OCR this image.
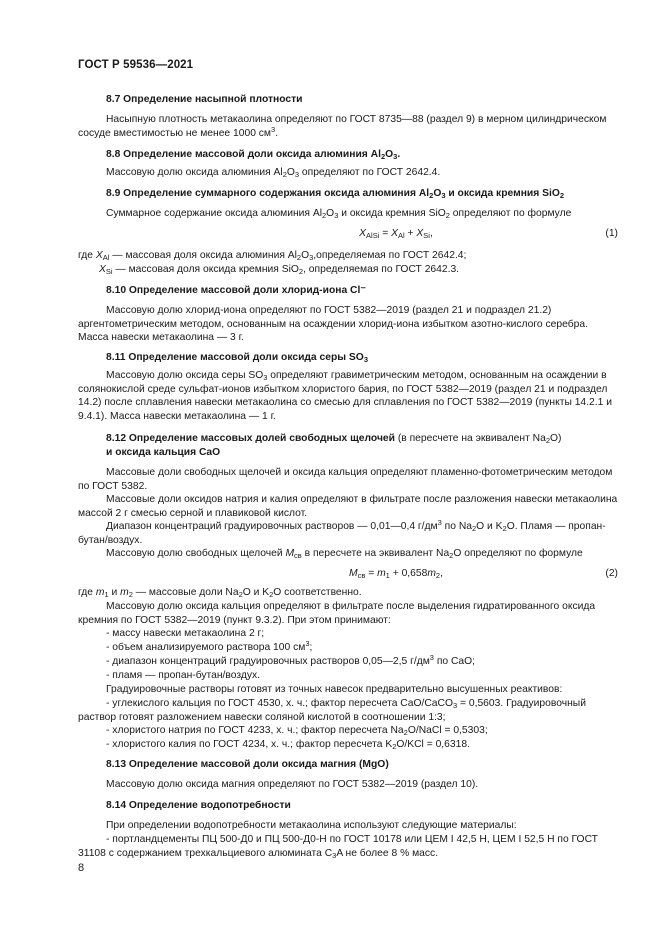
ГОСТ Р 59536—2021
8.7 Определение насыпной плотности
Насыпную плотность метакаолина определяют по ГОСТ 8735—88 (раздел 9) в мерном цилиндрическом сосуде вместимостью не менее 1000 $см^3$.
8.8 Определение массовой доли оксида алюминия $Al_2O_3$.
Массовую долю оксида алюминия $Al_2O_3$ определяют по ГОСТ 2642.4.
8.9 Определение суммарного содержания оксида алюминия $Al_2O_3$ и оксида кремния SiO$_2$
Суммарное содержание оксида алюминия $Al_2O_3$ и оксида кремния SiO$_2$ определяют по формуле
$X_{AlSi} = X_{Al} + X_{Si}$,	(1)
где $X_{Al}$ — массовая доля оксида алюминия $Al_2O_3,определяемая$ по ГОСТ 2642.4;
$X_{Si}$ — массовая доля оксида кремния SiO$_2$, определяемая по ГОСТ 2642.3.
8.10 Определение массовой доли хлорид-иона Cl⁻
Массовую долю хлорид-иона определяют по ГОСТ 5382—2019 (раздел 21 и подраздел 21.2) аргентометрическим методом, основанным на осаждении хлорид-иона избытком азотно-кислого серебра. Масса навески метакаолина — 3 г.
8.11 Определение массовой доли оксида серы $SO_3$
Массовую долю оксида серы $SO_3$ определяют гравиметрическим методом, основанным на осаждении в солянокислой среде сульфат-ионов избытком хлористого бария, по ГОСТ 5382—2019 (раздел 21 и подраздел 14.2) после сплавления навески метакаолина со смесью для сплавления по ГОСТ 5382—2019 (пункты 14.2.1 и 9.4.1). Масса навески метакаолина — 1 г.
8.12 Определение массовых долей свободных щелочей (в пересчете на эквивалент $Na_2O$)
и оксида кальция CaO
Массовые доли свободных щелочей и оксида кальция определяют пламенно-фотометрическим методом по ГОСТ 5382.
Массовые доли оксидов натрия и калия определяют в фильтрате после разложения навески метакаолина массой 2 г смесью серной и плавиковой кислот.
Диапазон концентраций градуировочных растворов — 0,01—0,4 $г/дм^3$ по $Na_2O$ и $K_2O$. Пламя — пропан-бутан/воздух.
Массовую долю свободных щелочей $M_{св}$ в пересчете на эквивалент $Na_2O$ определяют по формуле
$M_{св} = m_1 + 0,658m_2$,	(2)
где $m_1$ и $m_2$ — массовые доли $Na_2O$ и $K_2O$ соответственно.
Массовую долю оксида кальция определяют в фильтрате после выделения гидратированного оксида кремния по ГОСТ 5382—2019 (пункт 9.3.2). При этом принимают:
- массу навески метакаолина 2 г;
- объем анализируемого раствора 100 $см^3$;
- диапазон концентраций градуировочных растворов 0,05—2,5 $г/дм^3$ по CaO;
- пламя — пропан-бутан/воздух.
Градуировочные растворы готовят из точных навесок предварительно высушенных реактивов:
- углекислого кальция по ГОСТ 4530, х. ч.; фактор пересчета CaO/CaCO$_3$ = 0,5603. Градуировочный раствор готовят разложением навески соляной кислотой в соотношении 1:3;
- хлористого натрия по ГОСТ 4233, х. ч.; фактор пересчета $Na_2O$/NaCl = 0,5303;
- хлористого калия по ГОСТ 4234, х. ч.; фактор пересчета $K_2O$/KCl = 0,6318.
8.13 Определение массовой доли оксида магния (MgO)
Массовую долю оксида магния определяют по ГОСТ 5382—2019 (раздел 10).
8.14 Определение водопотребности
При определении водопотребности метакаолина используют следующие материалы:
- портландцементы ПЦ 500-Д0 и ПЦ 500-Д0-Н по ГОСТ 10178 или ЦЕМ I 42,5 Н, ЦЕМ I 52,5 Н по ГОСТ 31108 с содержанием трехкальциевого алюмината $C_3A$ не более 8 % масс.
8
